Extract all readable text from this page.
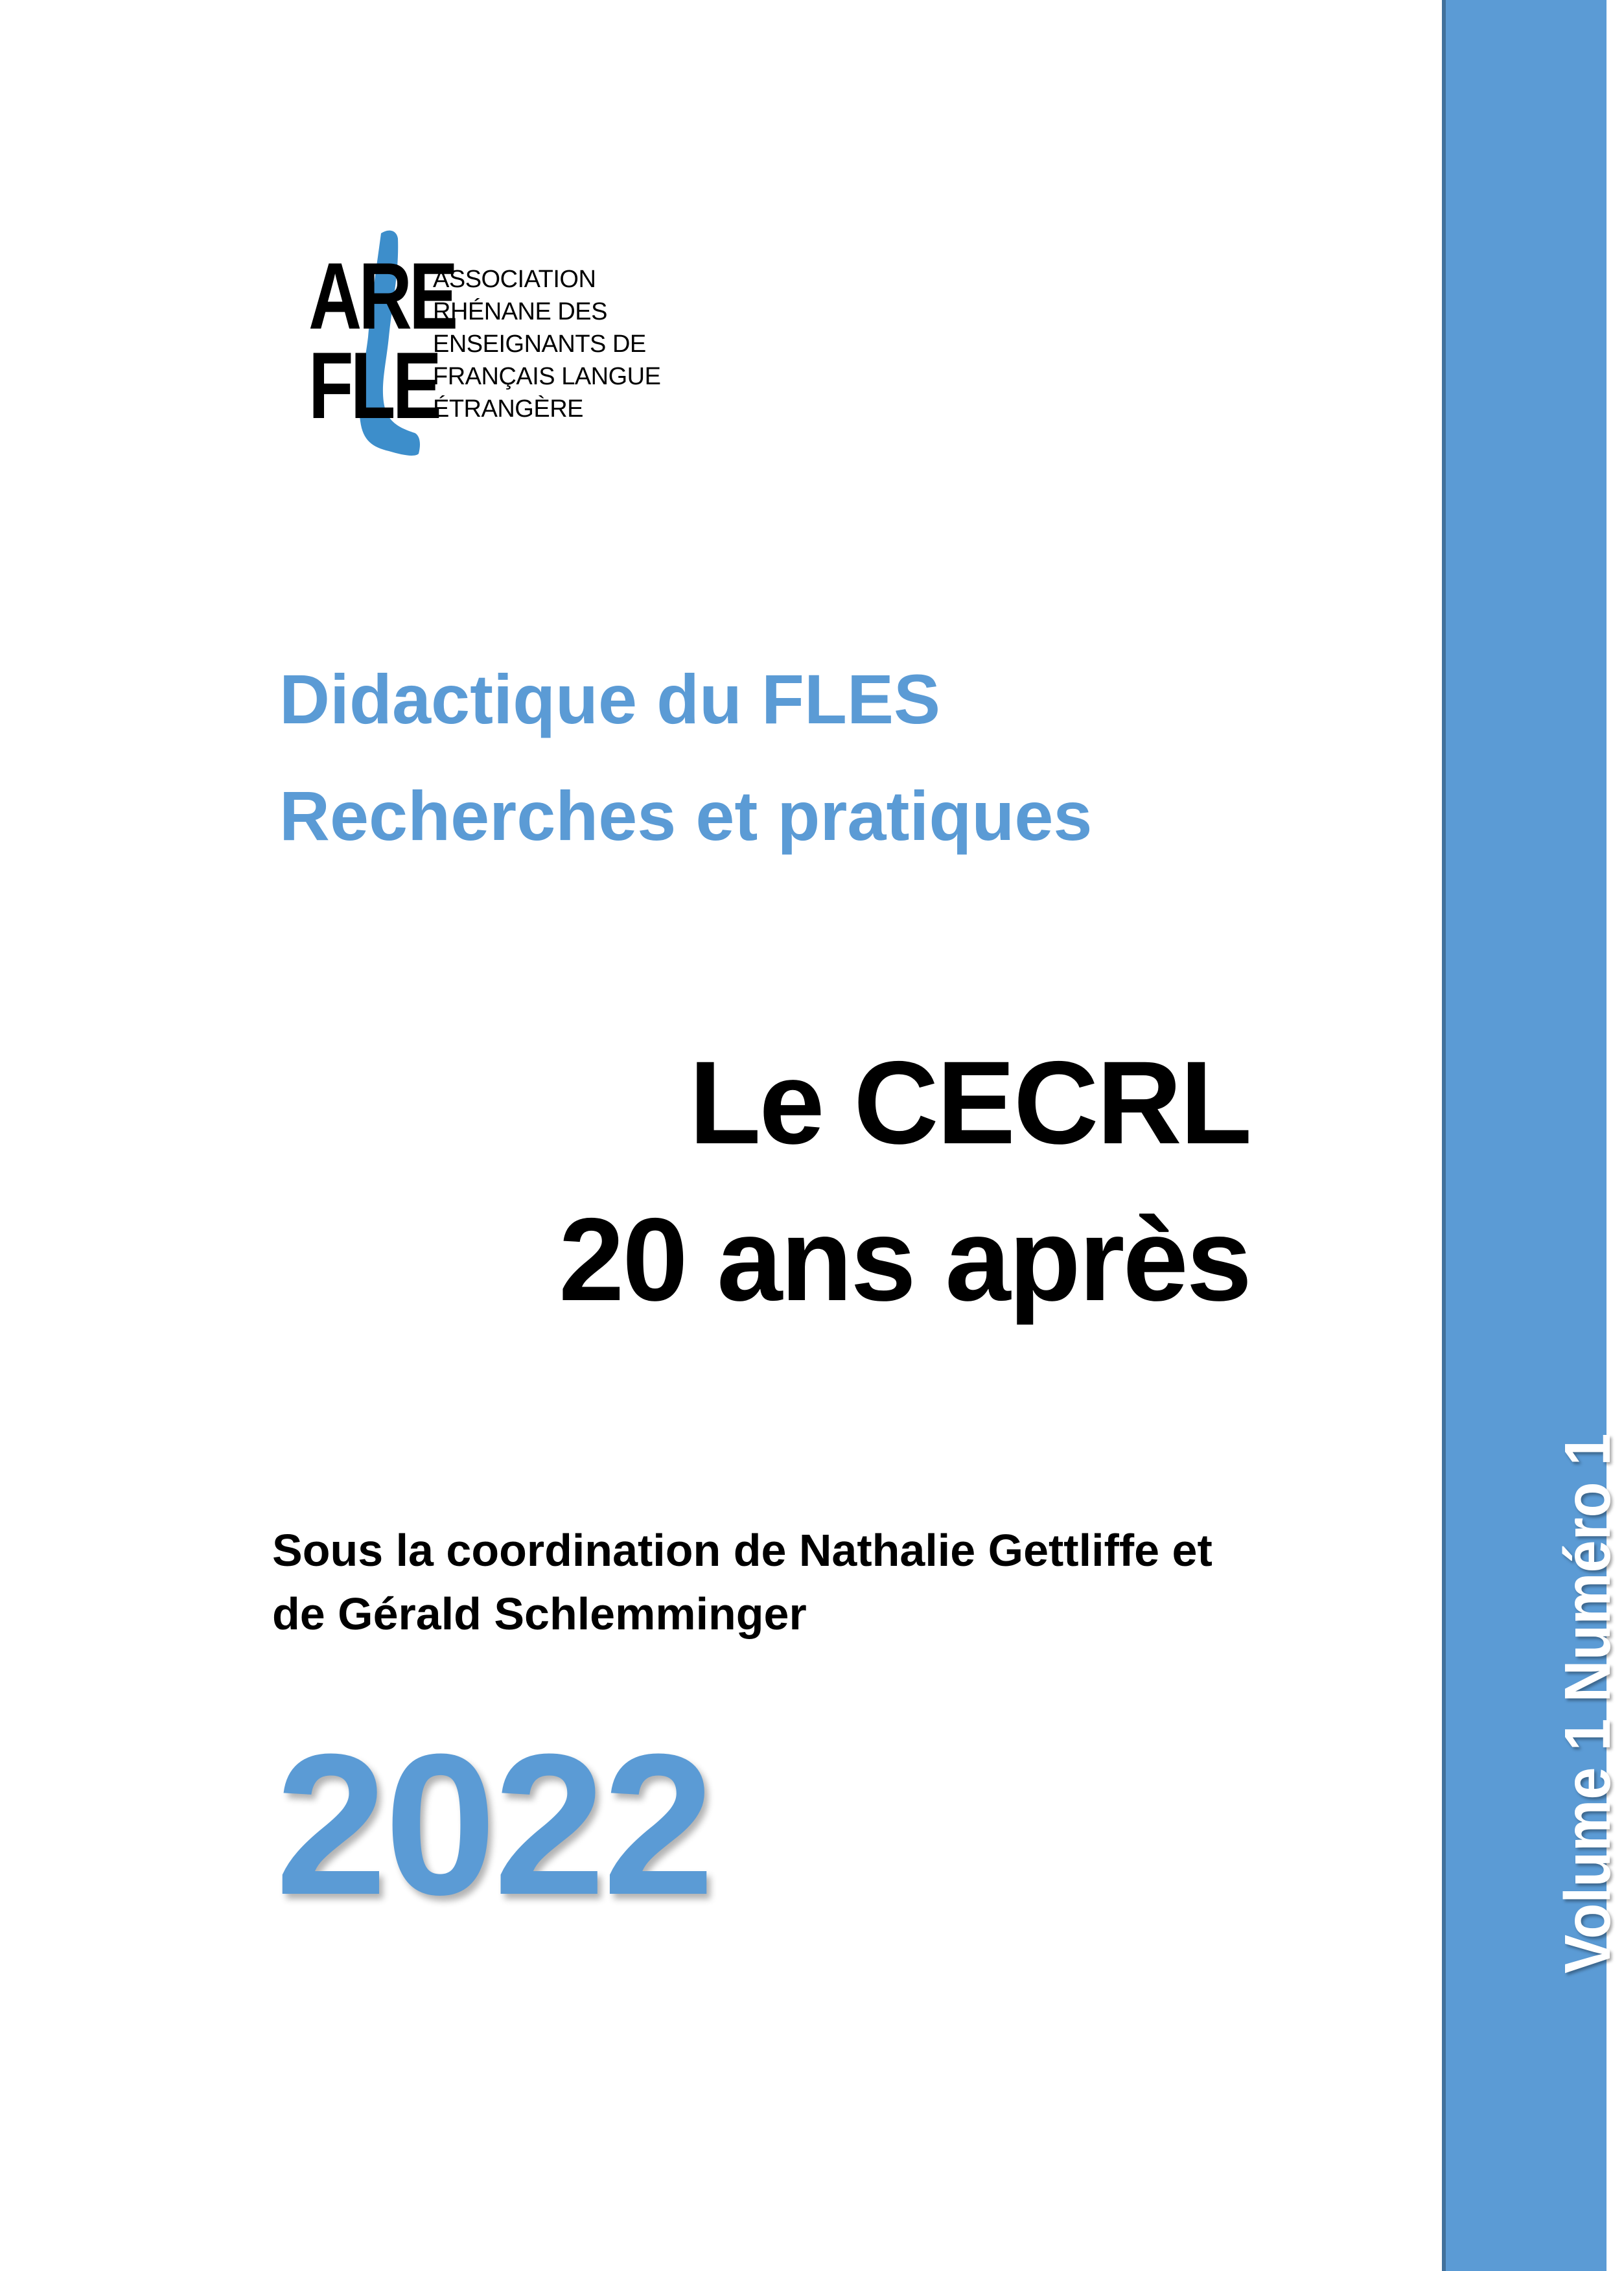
ARE
FLE
ASSOCIATION
RHÉNANE DES
ENSEIGNANTS DE
FRANÇAIS LANGUE
ÉTRANGÈRE
Didactique du FLES
Recherches et pratiques
Le CECRL
20 ans après
Sous la coordination de Nathalie Gettliffe et
de Gérald Schlemminger
2022	Volume 1 Numéro 1
